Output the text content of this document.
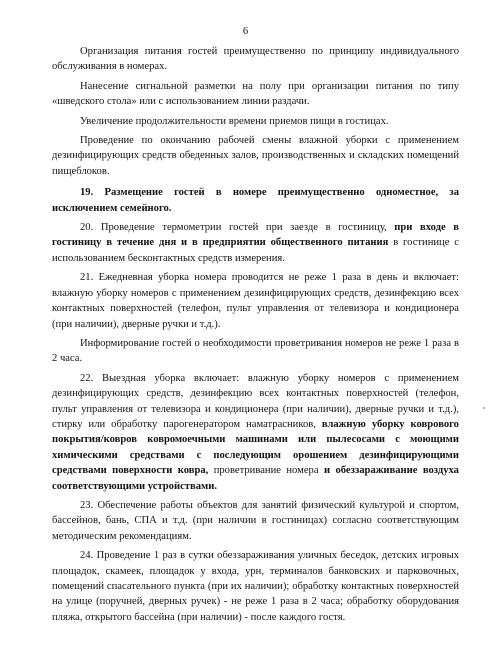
6

Организация питания гостей преимущественно по принципу индивидуального обслуживания в номерах.

Нанесение сигнальной разметки на полу при организации питания по типу «шведского стола» или с использованием линии раздачи.

Увеличение продолжительности времени приемов пищи в гостицах.

Проведение по окончанию рабочей смены влажной уборки с применением дезинфицирующих средств обеденных залов, производственных и складских помещений пищеблоков.

19. Размещение гостей в номере преимущественно одноместное, за исключением семейного.

20. Проведение термометрии гостей при заезде в гостиницу, при входе в гостиницу в течение дня и в предприятии общественного питания в гостинице с использованием бесконтактных средств измерения.

21. Ежедневная уборка номера проводится не реже 1 раза в день и включает: влажную уборку номеров с применением дезинфицирующих средств, дезинфекцию всех контактных поверхностей (телефон, пульт управления от телевизора и кондиционера (при наличии), дверные ручки и т.д.).

Информирование гостей о необходимости проветривания номеров не реже 1 раза в 2 часа.

22. Выездная уборка включает: влажную уборку номеров с применением дезинфицирующих средств, дезинфекцию всех контактных поверхностей (телефон, пульт управления от телевизора и кондиционера (при наличии), дверные ручки и т.д.), стирку или обработку парогенератором наматрасников, влажную уборку коврового покрытия/ковров ковромоечными машинами или пылесосами с моющими химическими средствами с последующим орошением дезинфицирующими средствами поверхности ковра, проветривание номера и обеззараживание воздуха соответствующими устройствами.

23. Обеспечение работы объектов для занятий физический культурой и спортом, бассейнов, бань, СПА и т.д. (при наличии в гостиницах) согласно соответствующим методическим рекомендациям.

24. Проведение 1 раз в сутки обеззараживания уличных беседок, детских игровых площадок, скамеек, площадок у входа, урн, терминалов банковских и парковочных, помещений спасательного пункта (при их наличии); обработку контактных поверхностей на улице (поручней, дверных ручек) - не реже 1 раза в 2 часа; обработку оборудования пляжа, открытого бассейна (при наличии) - после каждого гостя.
